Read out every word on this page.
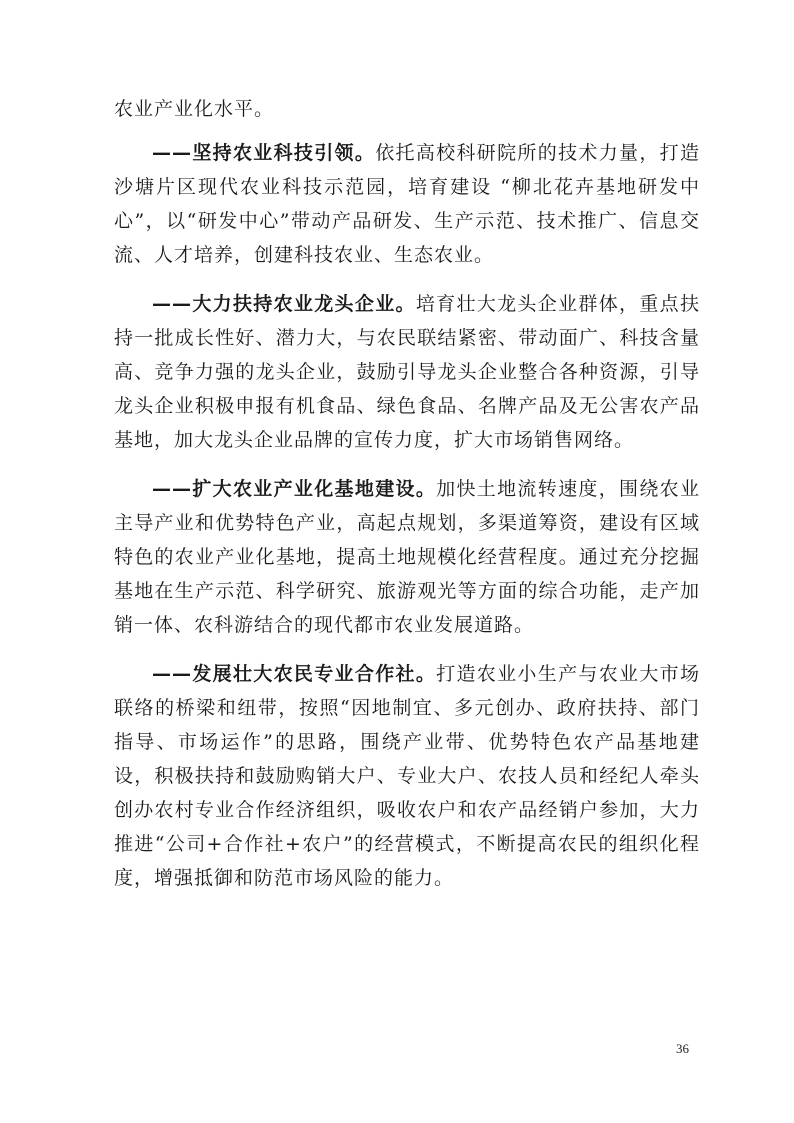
农业产业化水平。

——坚持农业科技引领。依托高校科研院所的技术力量，打造沙塘片区现代农业科技示范园，培育建设 “柳北花卉基地研发中心”，以“研发中心”带动产品研发、生产示范、技术推广、信息交流、人才培养，创建科技农业、生态农业。

——大力扶持农业龙头企业。培育壮大龙头企业群体，重点扶持一批成长性好、潜力大，与农民联结紧密、带动面广、科技含量高、竞争力强的龙头企业，鼓励引导龙头企业整合各种资源，引导龙头企业积极申报有机食品、绿色食品、名牌产品及无公害农产品基地，加大龙头企业品牌的宣传力度，扩大市场销售网络。

——扩大农业产业化基地建设。加快土地流转速度，围绕农业主导产业和优势特色产业，高起点规划，多渠道筹资，建设有区域特色的农业产业化基地，提高土地规模化经营程度。通过充分挖掘基地在生产示范、科学研究、旅游观光等方面的综合功能，走产加销一体、农科游结合的现代都市农业发展道路。

——发展壮大农民专业合作社。打造农业小生产与农业大市场联络的桥梁和纽带，按照“因地制宜、多元创办、政府扶持、部门指导、市场运作”的思路，围绕产业带、优势特色农产品基地建设，积极扶持和鼓励购销大户、专业大户、农技人员和经纪人牵头创办农村专业合作经济组织，吸收农户和农产品经销户参加，大力推进“公司+合作社+农户”的经营模式，不断提高农民的组织化程度，增强抵御和防范市场风险的能力。

36
